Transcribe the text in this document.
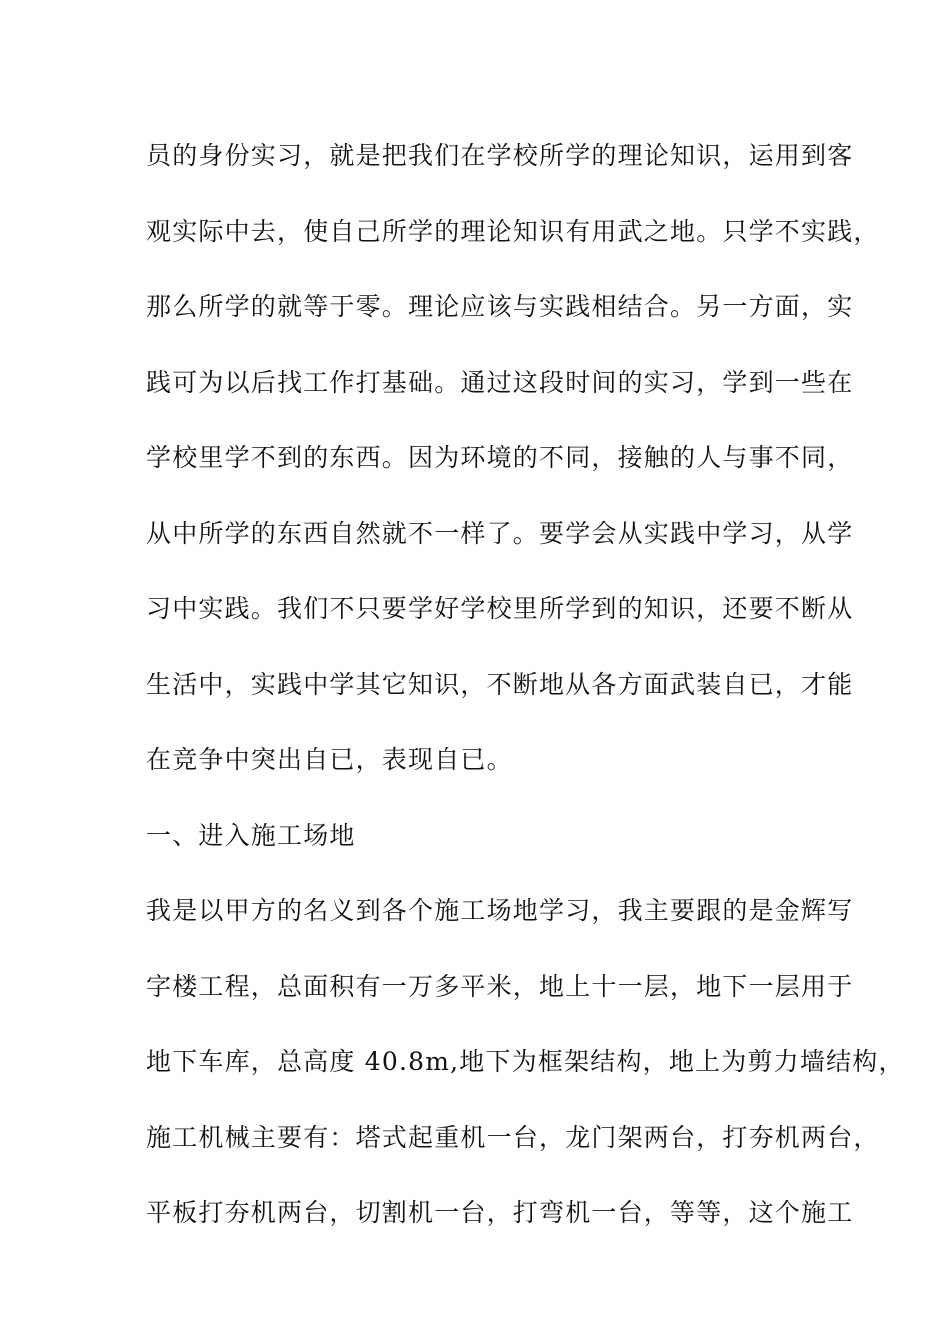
员的身份实习，就是把我们在学校所学的理论知识，运用到客
观实际中去，使自己所学的理论知识有用武之地。只学不实践，
那么所学的就等于零。理论应该与实践相结合。另一方面，实
践可为以后找工作打基础。通过这段时间的实习，学到一些在
学校里学不到的东西。因为环境的不同，接触的人与事不同，
从中所学的东西自然就不一样了。要学会从实践中学习，从学
习中实践。我们不只要学好学校里所学到的知识，还要不断从
生活中，实践中学其它知识，不断地从各方面武装自已，才能
在竞争中突出自已，表现自已。
一、进入施工场地
我是以甲方的名义到各个施工场地学习，我主要跟的是金辉写
字楼工程，总面积有一万多平米，地上十一层，地下一层用于
地下车库，总高度 40.8m,地下为框架结构，地上为剪力墙结构，
施工机械主要有：塔式起重机一台，龙门架两台，打夯机两台，
平板打夯机两台，切割机一台，打弯机一台，等等，这个施工
